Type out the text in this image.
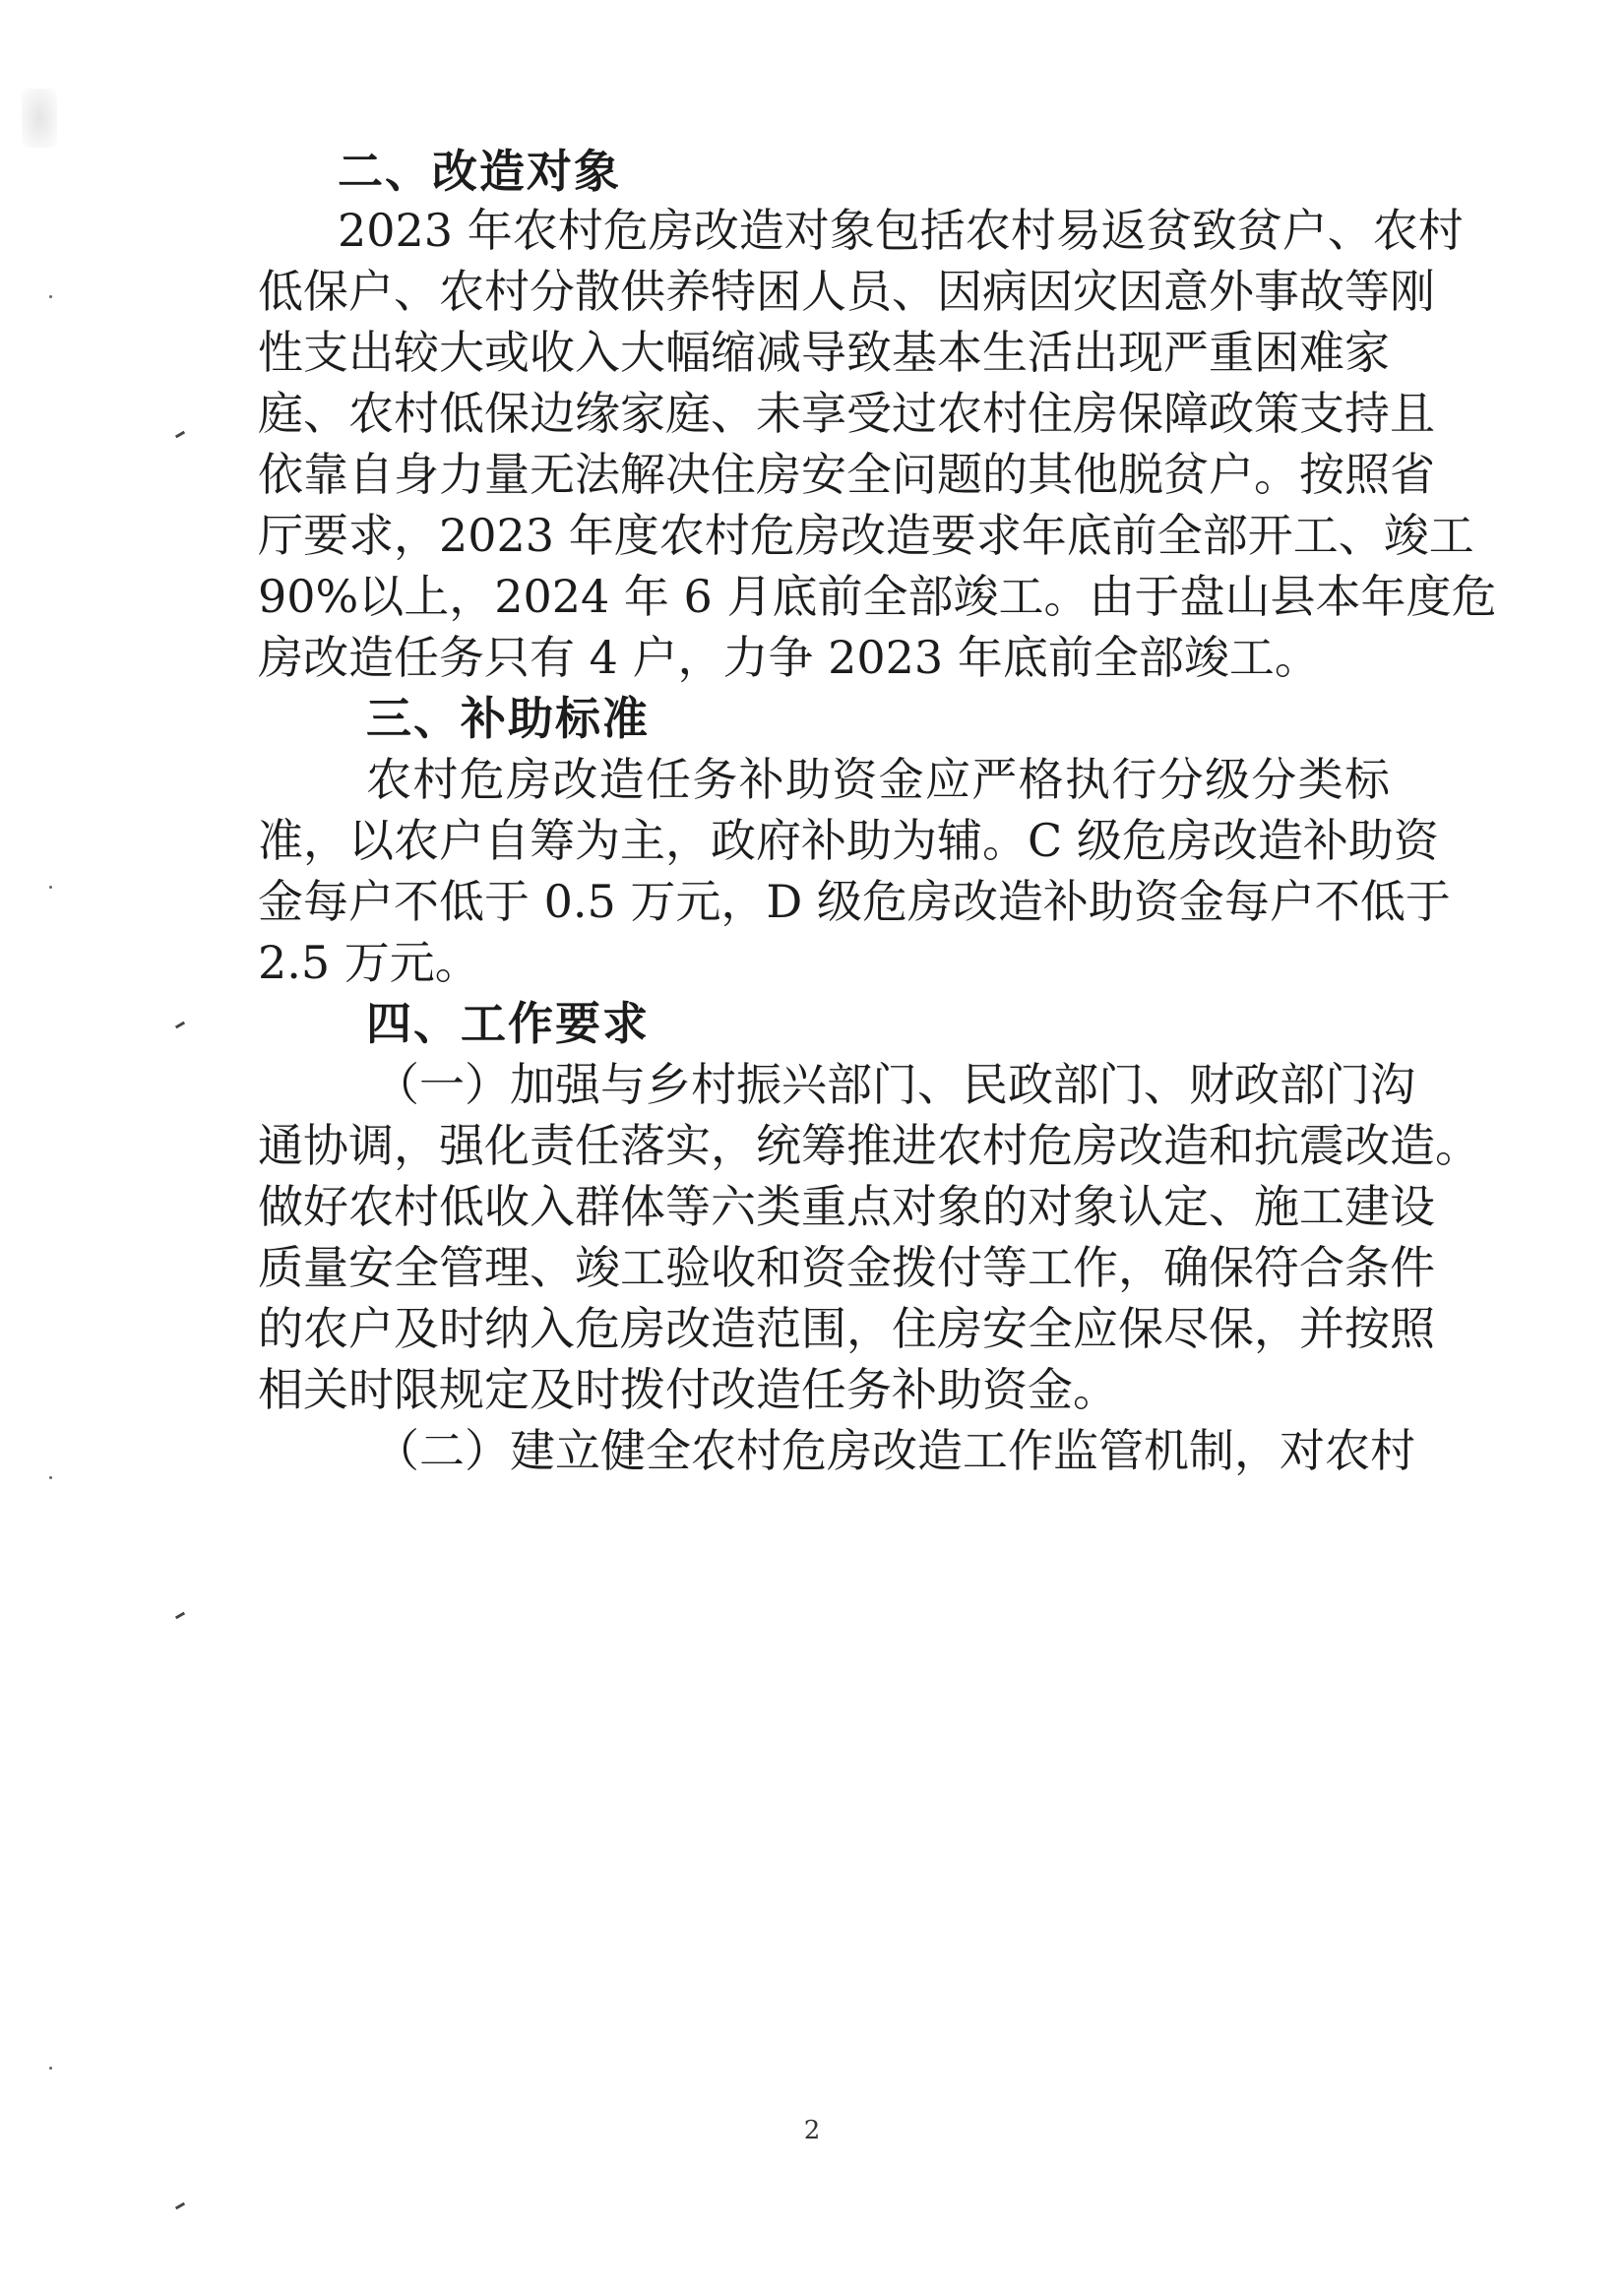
二、改造对象
2023 年农村危房改造对象包括农村易返贫致贫户、农村
低保户、农村分散供养特困人员、因病因灾因意外事故等刚
性支出较大或收入大幅缩减导致基本生活出现严重困难家
庭、农村低保边缘家庭、未享受过农村住房保障政策支持且
依靠自身力量无法解决住房安全问题的其他脱贫户。按照省
厅要求，2023 年度农村危房改造要求年底前全部开工、竣工
90%以上，2024 年 6 月底前全部竣工。由于盘山县本年度危
房改造任务只有 4 户，力争 2023 年底前全部竣工。
三、补助标准
农村危房改造任务补助资金应严格执行分级分类标
准，以农户自筹为主，政府补助为辅。C 级危房改造补助资
金每户不低于 0.5 万元，D 级危房改造补助资金每户不低于
2.5 万元。
四、工作要求
（一）加强与乡村振兴部门、民政部门、财政部门沟
通协调，强化责任落实，统筹推进农村危房改造和抗震改造。
做好农村低收入群体等六类重点对象的对象认定、施工建设
质量安全管理、竣工验收和资金拨付等工作，确保符合条件
的农户及时纳入危房改造范围，住房安全应保尽保，并按照
相关时限规定及时拨付改造任务补助资金。
（二）建立健全农村危房改造工作监管机制，对农村
2
